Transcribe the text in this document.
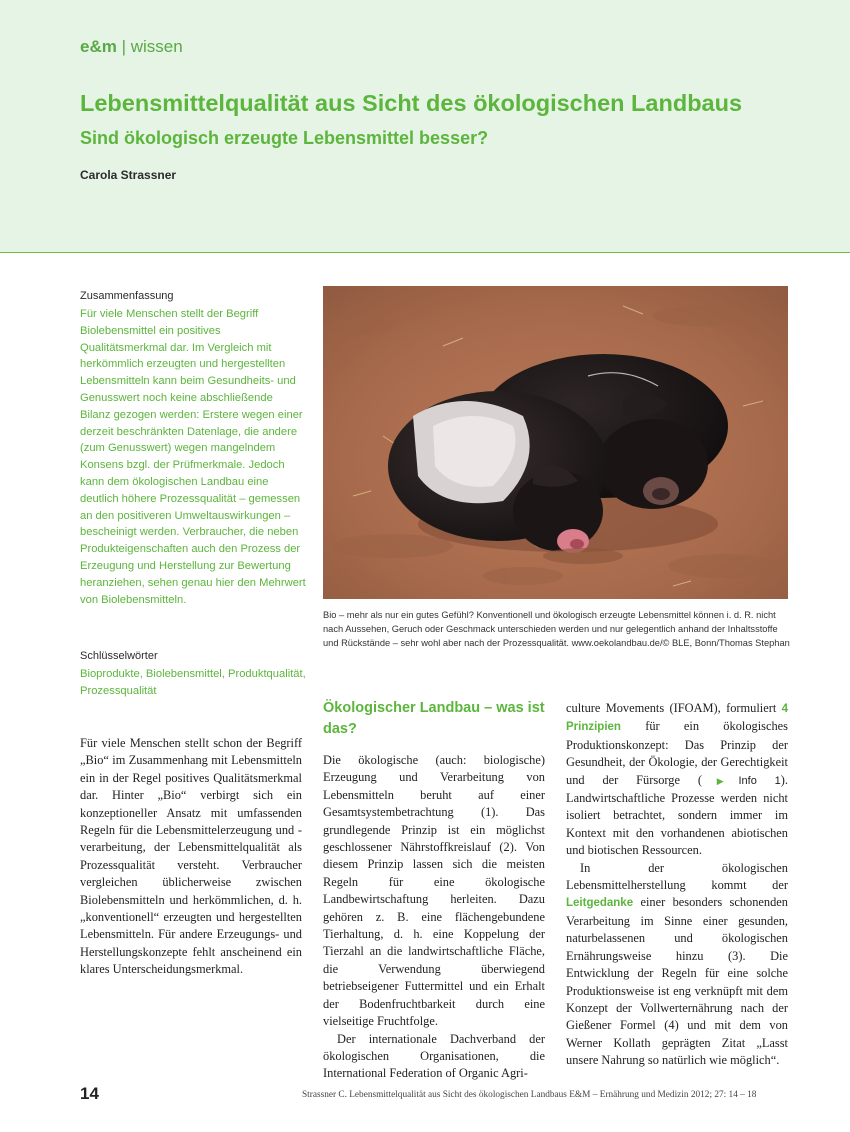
e&m | wissen
Lebensmittelqualität aus Sicht des ökologischen Landbaus
Sind ökologisch erzeugte Lebensmittel besser?
Carola Strassner

Zusammenfassung

Für viele Menschen stellt der Begriff Biolebensmittel ein positives Qualitätsmerkmal dar. Im Vergleich mit herkömmlich erzeugten und hergestellten Lebensmitteln kann beim Gesundheits- und Genusswert noch keine abschließende Bilanz gezogen werden: Erstere wegen einer derzeit beschränkten Datenlage, die andere (zum Genusswert) wegen mangelndem Konsens bzgl. der Prüfmerkmale. Jedoch kann dem ökologischen Landbau eine deutlich höhere Prozessqualität – gemessen an den positiveren Umweltauswirkungen – bescheinigt werden. Verbraucher, die neben Produkteigenschaften auch den Prozess der Erzeugung und Herstellung zur Bewertung heranziehen, sehen genau hier den Mehrwert von Biolebensmitteln.

Schlüsselwörter

Bioprodukte, Biolebensmittel, Produktqualität, Prozessqualität

Bio – mehr als nur ein gutes Gefühl? Konventionell und ökologisch erzeugte Lebensmittel können i. d. R. nicht nach Aussehen, Geruch oder Geschmack unterschieden werden und nur gelegentlich anhand der Inhaltsstoffe und Rückstände – sehr wohl aber nach der Prozessqualität. www.oekolandbau.de/© BLE, Bonn/Thomas Stephan

Für viele Menschen stellt schon der Begriff „Bio“ im Zusammenhang mit Lebensmitteln ein in der Regel positives Qualitätsmerkmal dar. Hinter „Bio“ verbirgt sich ein konzeptioneller Ansatz mit umfassenden Regeln für die Lebensmittelerzeugung und -verarbeitung, der Lebensmittelqualität als Prozessqualität versteht. Verbraucher vergleichen üblicherweise zwischen Biolebensmitteln und herkömmlichen, d. h. „konventionell“ erzeugten und hergestellten Lebensmitteln. Für andere Erzeugungs- und Herstellungskonzepte fehlt anscheinend ein klares Unterscheidungsmerkmal.

Ökologischer Landbau – was ist das?

Die ökologische (auch: biologische) Erzeugung und Verarbeitung von Lebensmitteln beruht auf einer Gesamtsystembetrachtung (1). Das grundlegende Prinzip ist ein möglichst geschlossener Nährstoffkreislauf (2). Von diesem Prinzip lassen sich die meisten Regeln für eine ökologische Landbewirtschaftung herleiten. Dazu gehören z. B. eine flächengebundene Tierhaltung, d. h. eine Koppelung der Tierzahl an die landwirtschaftliche Fläche, die Verwendung überwiegend betriebseigener Futtermittel und ein Erhalt der Bodenfruchtbarkeit durch eine vielseitige Fruchtfolge.

Der internationale Dachverband der ökologischen Organisationen, die International Federation of Organic Agri-

culture Movements (IFOAM), formuliert 4 Prinzipien für ein ökologisches Produktionskonzept: Das Prinzip der Gesundheit, der Ökologie, der Gerechtigkeit und der Fürsorge (▶Info 1). Landwirtschaftliche Prozesse werden nicht isoliert betrachtet, sondern immer im Kontext mit den vorhandenen abiotischen und biotischen Ressourcen.

In der ökologischen Lebensmittelherstellung kommt der Leitgedanke einer besonders schonenden Verarbeitung im Sinne einer gesunden, naturbelassenen und ökologischen Ernährungsweise hinzu (3). Die Entwicklung der Regeln für eine solche Produktionsweise ist eng verknüpft mit dem Konzept der Vollwerternährung nach der Gießener Formel (4) und mit dem von Werner Kollath geprägten Zitat „Lasst unsere Nahrung so natürlich wie möglich“.

14	Strassner C. Lebensmittelqualität aus Sicht des ökologischen Landbaus E&M – Ernährung und Medizin 2012; 27: 14 – 18
